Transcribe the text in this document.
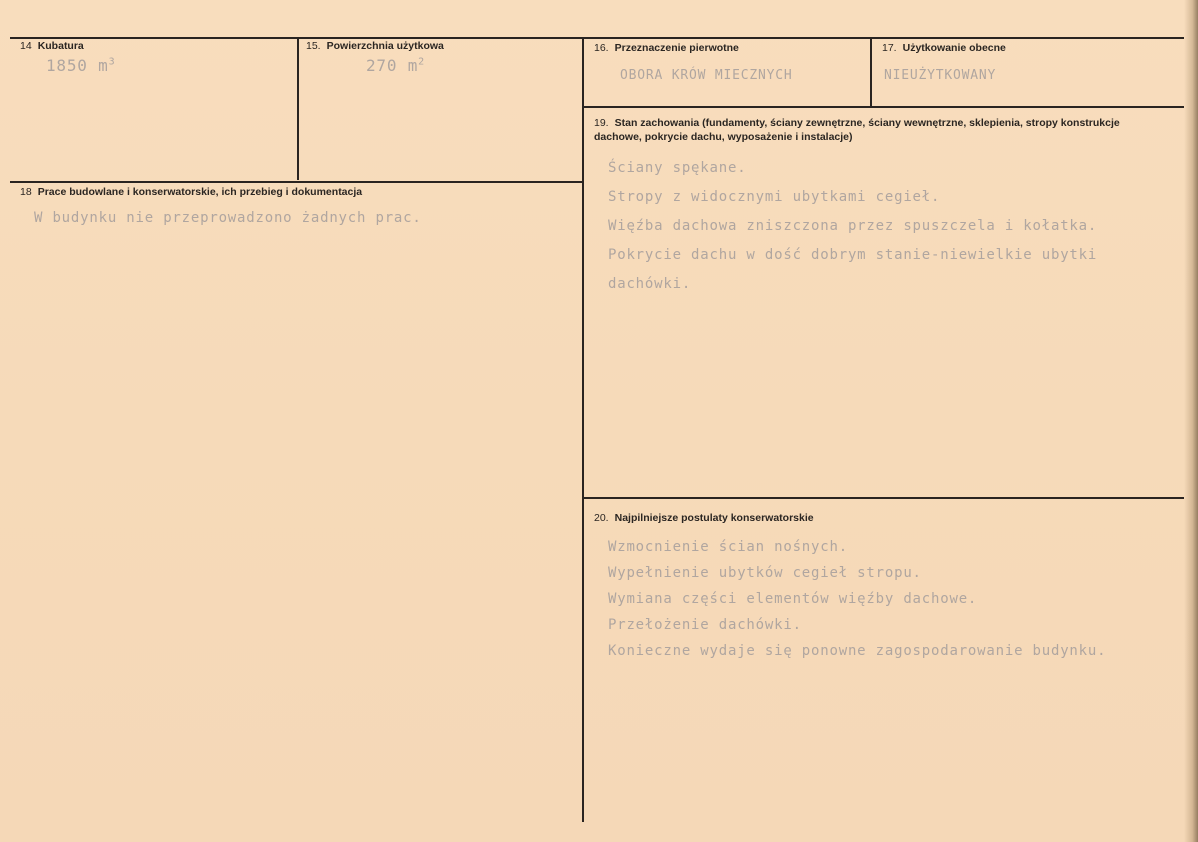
14 Kubatura
1850 $m^3$
15. Powierzchnia użytkowa
270 $m^2$
16. Przeznaczenie pierwotne
OBORA KRÓW MIECZNYCH
17. Użytkowanie obecne
NIEUŻYTKOWANY
18 Prace budowlane i konserwatorskie, ich przebieg i dokumentacja
W budynku nie przeprowadzono żadnych prac.
19. Stan zachowania (fundamenty, ściany zewnętrzne, ściany wewnętrzne, sklepienia, stropy konstrukcje dachowe, pokrycie dachu, wyposażenie i instalacje)
Ściany spękane.
Stropy z widocznymi ubytkami cegieł.
Więźba dachowa zniszczona przez spuszczela i kołatka.
Pokrycie dachu w dość dobrym stanie-niewielkie ubytki
dachówki.
20. Najpilniejsze postulaty konserwatorskie
Wzmocnienie ścian nośnych.
Wypełnienie ubytków cegieł stropu.
Wymiana części elementów więźby dachowe.
Przełożenie dachówki.
Konieczne wydaje się ponowne zagospodarowanie budynku.
